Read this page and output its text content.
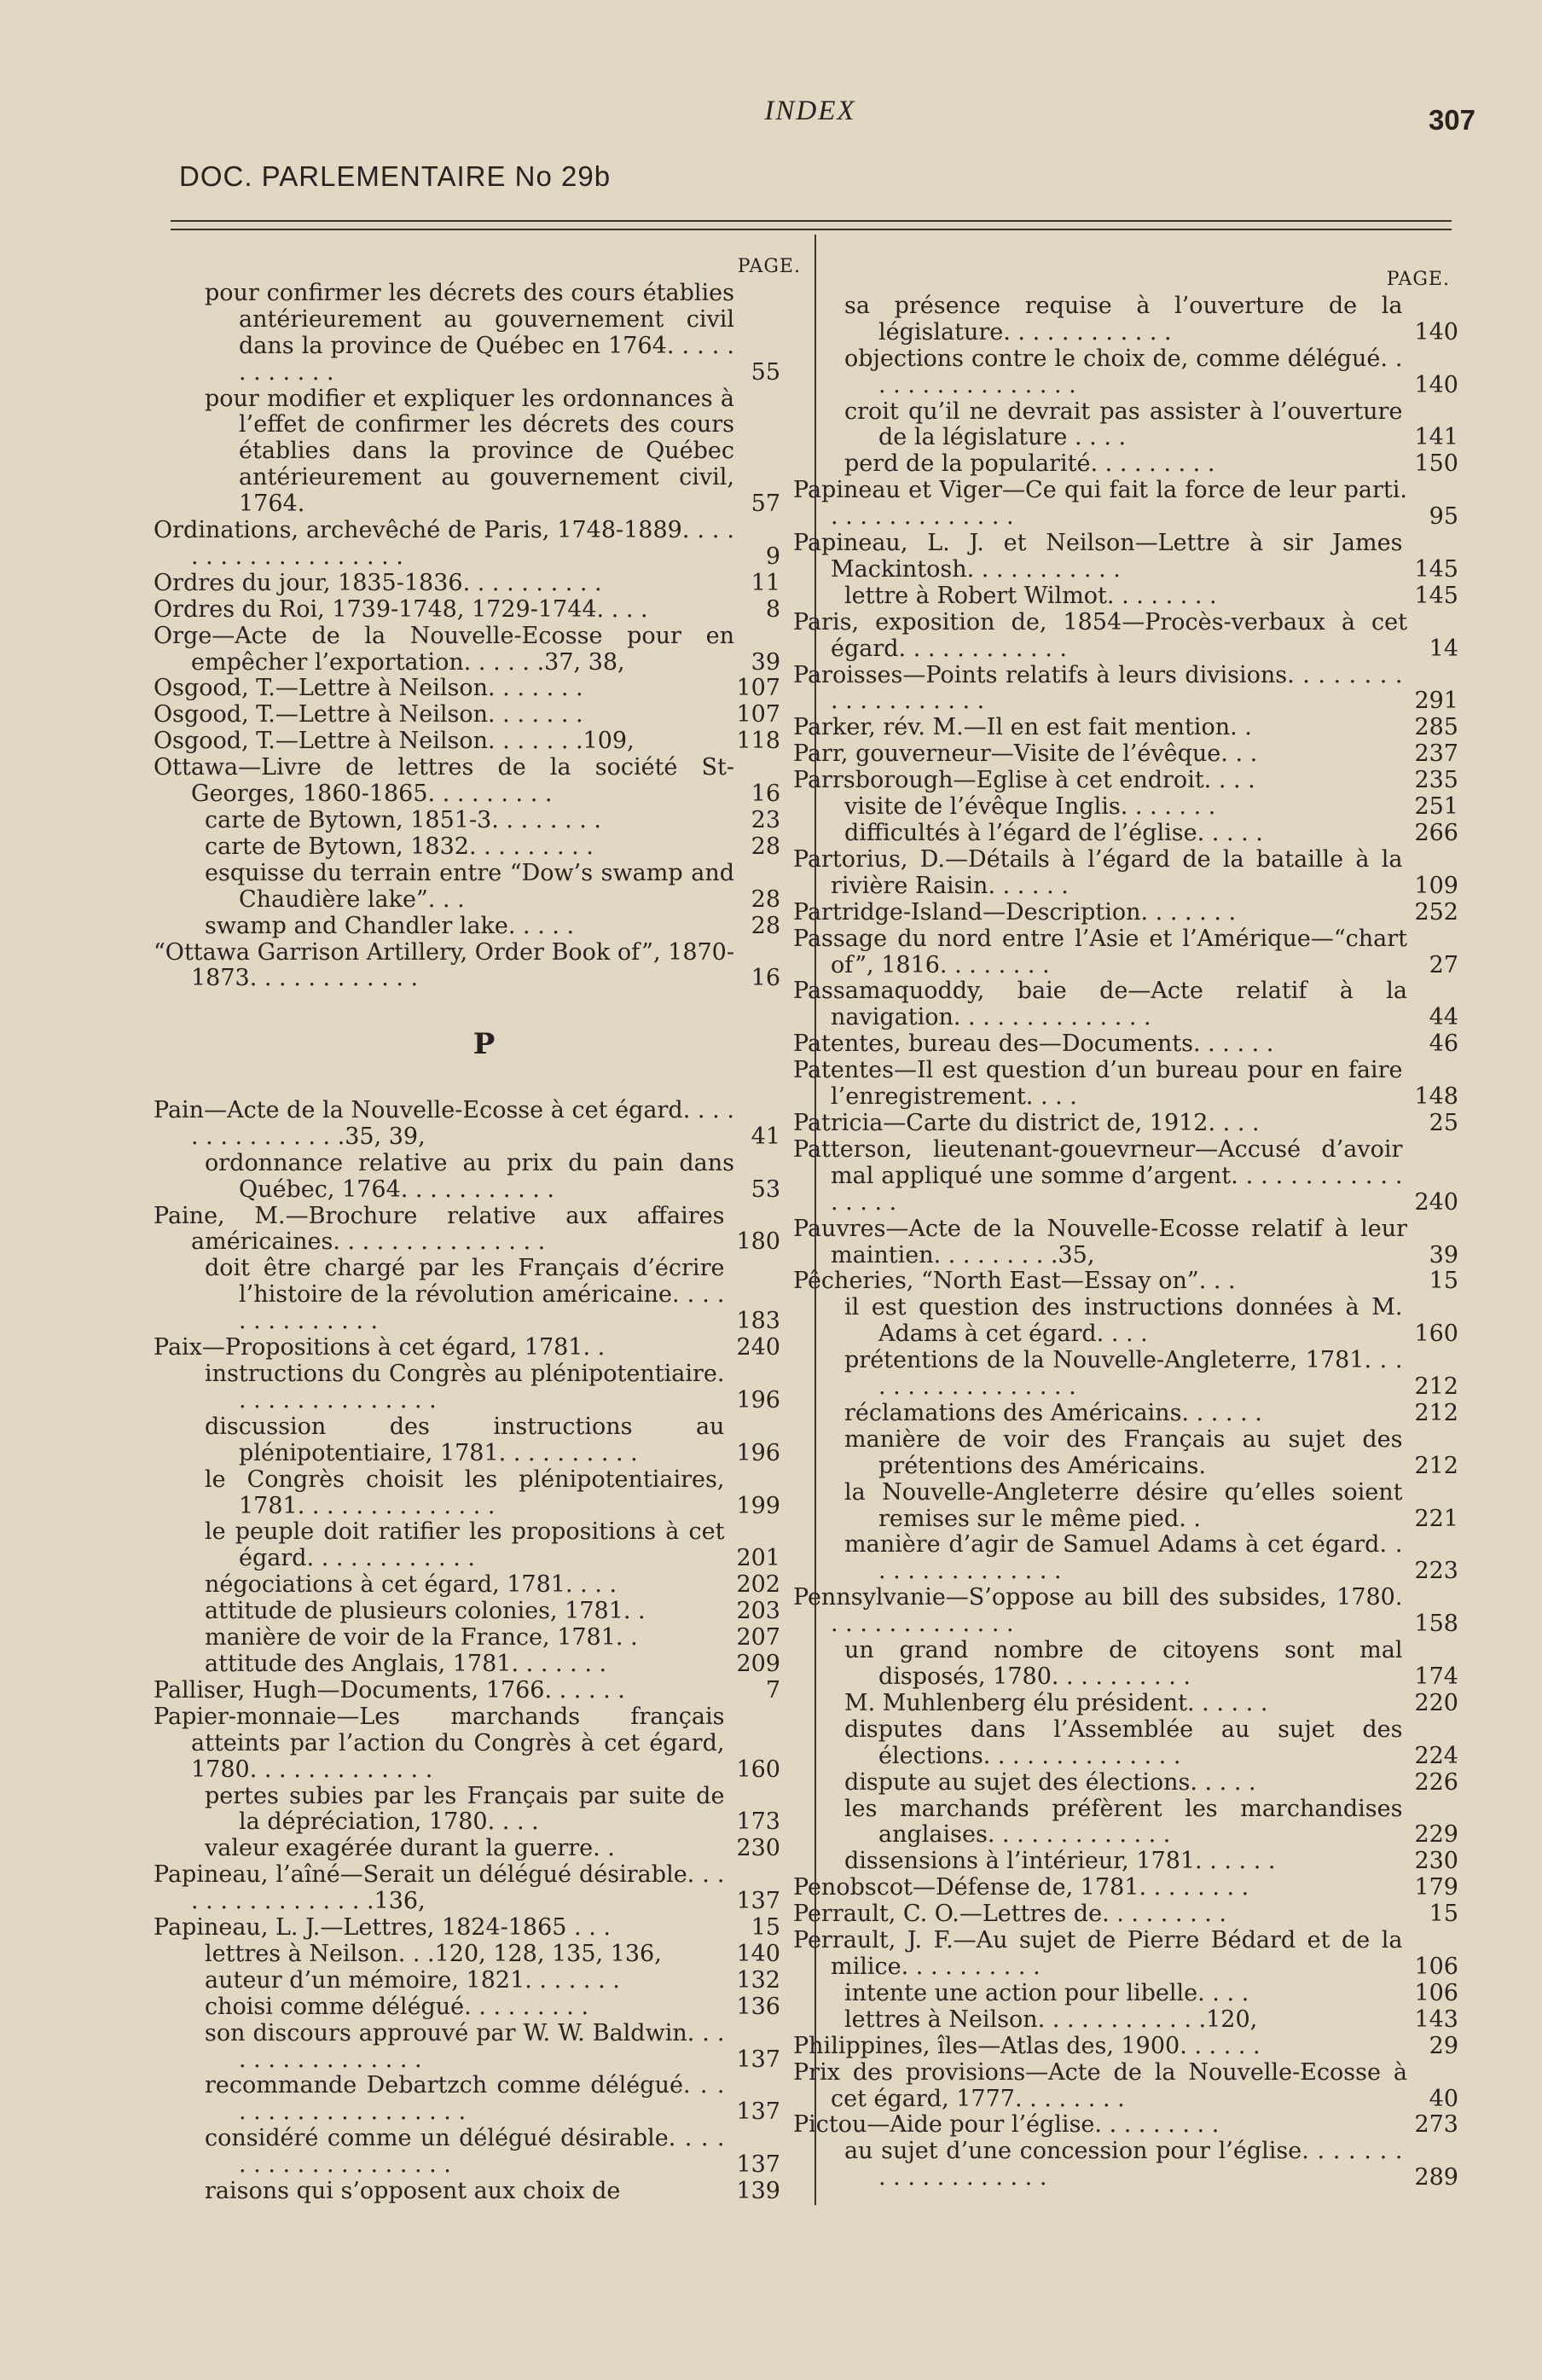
INDEX	307
DOC. PARLEMENTAIRE No 29b
PAGE.
pour confirmer les décrets des cours établies antérieurement au gouvernement civil dans la province de Québec en 1764. . . . . . . . . . . .	55
pour modifier et expliquer les ordonnances à l’effet de confirmer les décrets des cours établies dans la province de Québec antérieurement au gouvernement civil, 1764.	57
Ordinations, archevêché de Paris, 1748-1889. . . . . . . . . . . . . . . . . . .	9
Ordres du jour, 1835-1836. . . . . . . . . .	11
Ordres du Roi, 1739-1748, 1729-1744. . . .	8
Orge—Acte de la Nouvelle-Ecosse pour en empêcher l’exportation. . . . . .37, 38,	39
Osgood, T.—Lettre à Neilson. . . . . . .	107
Osgood, T.—Lettre à Neilson. . . . . . .	107
Osgood, T.—Lettre à Neilson. . . . . . .109,	118
Ottawa—Livre de lettres de la société St-Georges, 1860-1865. . . . . . . . .	16
carte de Bytown, 1851-3. . . . . . . .	23
carte de Bytown, 1832. . . . . . . . .	28
esquisse du terrain entre “Dow’s swamp and Chaudière lake”. . .	28
swamp and Chandler lake. . . . .	28
“Ottawa Garrison Artillery, Order Book of”, 1870-1873. . . . . . . . . . . .	16
P
Pain—Acte de la Nouvelle-Ecosse à cet égard. . . . . . . . . . . . . . .35, 39,	41
ordonnance relative au prix du pain dans Québec, 1764. . . . . . . . . . .	53
Paine, M.—Brochure relative aux affaires américaines. . . . . . . . . . . . . . .	180
doit être chargé par les Français d’écrire l’histoire de la révolution américaine. . . . . . . . . . . . . .	183
Paix—Propositions à cet égard, 1781. .	240
instructions du Congrès au plénipotentiaire. . . . . . . . . . . . . . .	196
discussion des instructions au plénipotentiaire, 1781. . . . . . . . . .	196
le Congrès choisit les plénipotentiaires, 1781. . . . . . . . . . . . . .	199
le peuple doit ratifier les propositions à cet égard. . . . . . . . . . . .	201
négociations à cet égard, 1781. . . .	202
attitude de plusieurs colonies, 1781. .	203
manière de voir de la France, 1781. .	207
attitude des Anglais, 1781. . . . . . .	209
Palliser, Hugh—Documents, 1766. . . . . .	7
Papier-monnaie—Les marchands français atteints par l’action du Congrès à cet égard, 1780. . . . . . . . . . . . .	160
pertes subies par les Français par suite de la dépréciation, 1780. . . .	173
valeur exagérée durant la guerre. .	230
Papineau, l’aîné—Serait un délégué désirable. . . . . . . . . . . . . . . .136,	137
Papineau, L. J.—Lettres, 1824-1865 . . .	15
lettres à Neilson. . .120, 128, 135, 136,	140
auteur d’un mémoire, 1821. . . . . . .	132
choisi comme délégué. . . . . . . . .	136
son discours approuvé par W. W. Baldwin. . . . . . . . . . . . . . . .	137
recommande Debartzch comme délégué. . . . . . . . . . . . . . . . . . .	137
considéré comme un délégué désirable. . . . . . . . . . . . . . . . . . .	137
raisons qui s’opposent aux choix de	139
PAGE.
sa présence requise à l’ouverture de la législature. . . . . . . . . . . .	140
objections contre le choix de, comme délégué. . . . . . . . . . . . . . . .	140
croit qu’il ne devrait pas assister à l’ouverture de la législature . . . .	141
perd de la popularité. . . . . . . . .	150
Papineau et Viger—Ce qui fait la force de leur parti. . . . . . . . . . . . . .	95
Papineau, L. J. et Neilson—Lettre à sir James Mackintosh. . . . . . . . . . .	145
lettre à Robert Wilmot. . . . . . . .	145
Paris, exposition de, 1854—Procès-verbaux à cet égard. . . . . . . . . . . .	14
Paroisses—Points relatifs à leurs divisions. . . . . . . . . . . . . . . . . . .	291
Parker, rév. M.—Il en est fait mention. .	285
Parr, gouverneur—Visite de l’évêque. . .	237
Parrsborough—Eglise à cet endroit. . . .	235
visite de l’évêque Inglis. . . . . . .	251
difficultés à l’égard de l’église. . . . .	266
Partorius, D.—Détails à l’égard de la bataille à la rivière Raisin. . . . . .	109
Partridge-Island—Description. . . . . . .	252
Passage du nord entre l’Asie et l’Amérique—“chart of”, 1816. . . . . . . .	27
Passamaquoddy, baie de—Acte relatif à la navigation. . . . . . . . . . . . . .	44
Patentes, bureau des—Documents. . . . . .	46
Patentes—Il est question d’un bureau pour en faire l’enregistrement. . . .	148
Patricia—Carte du district de, 1912. . . .	25
Patterson, lieutenant-gouevrneur—Accusé d’avoir mal appliqué une somme d’argent. . . . . . . . . . . . . . . . .	240
Pauvres—Acte de la Nouvelle-Ecosse relatif à leur maintien. . . . . . . . .35,	39
Pêcheries, “North East—Essay on”. . .	15
il est question des instructions données à M. Adams à cet égard. . . .	160
prétentions de la Nouvelle-Angleterre, 1781. . . . . . . . . . . . . . . . .	212
réclamations des Américains. . . . . .	212
manière de voir des Français au sujet des prétentions des Américains.	212
la Nouvelle-Angleterre désire qu’elles soient remises sur le même pied. .	221
manière d’agir de Samuel Adams à cet égard. . . . . . . . . . . . . . .	223
Pennsylvanie—S’oppose au bill des subsides, 1780. . . . . . . . . . . . . .	158
un grand nombre de citoyens sont mal disposés, 1780. . . . . . . . . .	174
M. Muhlenberg élu président. . . . . .	220
disputes dans l’Assemblée au sujet des élections. . . . . . . . . . . . . .	224
dispute au sujet des élections. . . . .	226
les marchands préfèrent les marchandises anglaises. . . . . . . . . . . . .	229
dissensions à l’intérieur, 1781. . . . . .	230
Penobscot—Défense de, 1781. . . . . . . .	179
Perrault, C. O.—Lettres de. . . . . . . . .	15
Perrault, J. F.—Au sujet de Pierre Bédard et de la milice. . . . . . . . . .	106
intente une action pour libelle. . . .	106
lettres à Neilson. . . . . . . . . . . .120,	143
Philippines, îles—Atlas des, 1900. . . . . .	29
Prix des provisions—Acte de la Nouvelle-Ecosse à cet égard, 1777. . . . . . . .	40
Pictou—Aide pour l’église. . . . . . . . .	273
au sujet d’une concession pour l’église. . . . . . . . . . . . . . . . . . .	289
